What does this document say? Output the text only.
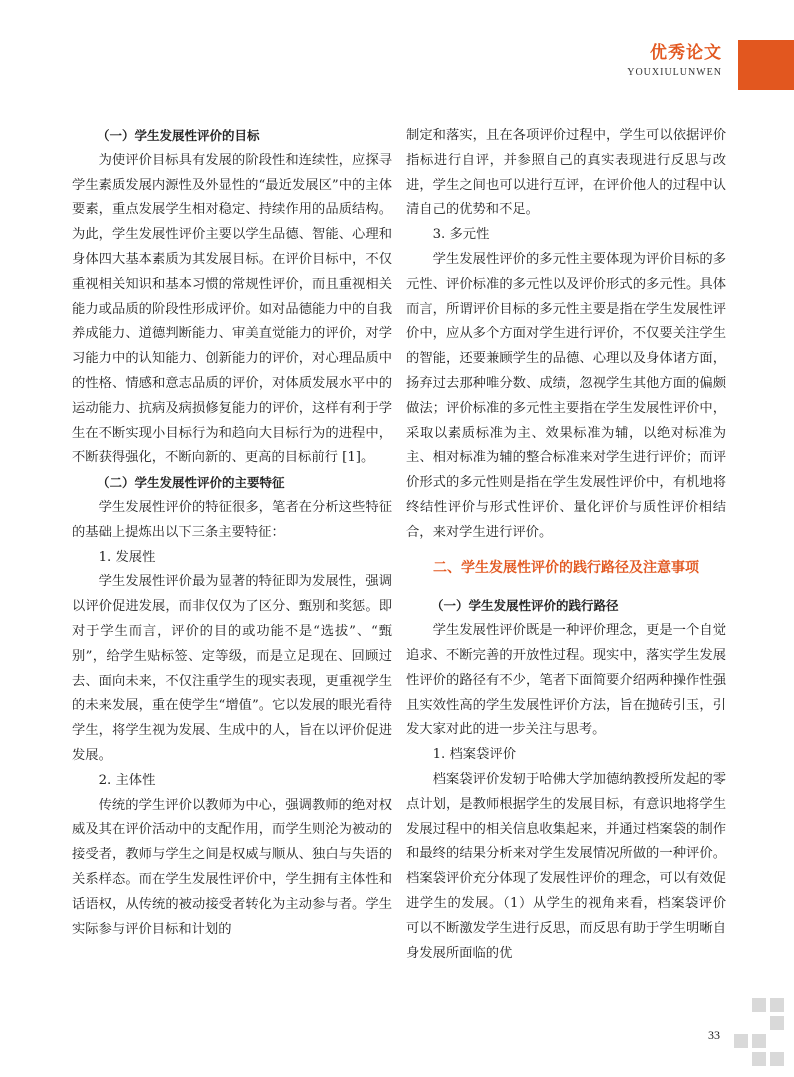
优秀论文
YOUXIULUNWEN

（一）学生发展性评价的目标

为使评价目标具有发展的阶段性和连续性，应探寻学生素质发展内源性及外显性的“最近发展区”中的主体要素，重点发展学生相对稳定、持续作用的品质结构。为此，学生发展性评价主要以学生品德、智能、心理和身体四大基本素质为其发展目标。在评价目标中，不仅重视相关知识和基本习惯的常规性评价，而且重视相关能力或品质的阶段性形成评价。如对品德能力中的自我养成能力、道德判断能力、审美直觉能力的评价，对学习能力中的认知能力、创新能力的评价，对心理品质中的性格、情感和意志品质的评价，对体质发展水平中的运动能力、抗病及病损修复能力的评价，这样有利于学生在不断实现小目标行为和趋向大目标行为的进程中，不断获得强化，不断向新的、更高的目标前行 [1]。

（二）学生发展性评价的主要特征

学生发展性评价的特征很多，笔者在分析这些特征的基础上提炼出以下三条主要特征：

1. 发展性

学生发展性评价最为显著的特征即为发展性，强调以评价促进发展，而非仅仅为了区分、甄别和奖惩。即对于学生而言，评价的目的或功能不是“选拔”、“甄别”，给学生贴标签、定等级，而是立足现在、回顾过去、面向未来，不仅注重学生的现实表现，更重视学生的未来发展，重在使学生“增值”。它以发展的眼光看待学生，将学生视为发展、生成中的人，旨在以评价促进发展。

2. 主体性

传统的学生评价以教师为中心，强调教师的绝对权威及其在评价活动中的支配作用，而学生则沦为被动的接受者，教师与学生之间是权威与顺从、独白与失语的关系样态。而在学生发展性评价中，学生拥有主体性和话语权，从传统的被动接受者转化为主动参与者。学生实际参与评价目标和计划的

制定和落实，且在各项评价过程中，学生可以依据评价指标进行自评，并参照自己的真实表现进行反思与改进，学生之间也可以进行互评，在评价他人的过程中认清自己的优势和不足。

3. 多元性

学生发展性评价的多元性主要体现为评价目标的多元性、评价标准的多元性以及评价形式的多元性。具体而言，所谓评价目标的多元性主要是指在学生发展性评价中，应从多个方面对学生进行评价，不仅要关注学生的智能，还要兼顾学生的品德、心理以及身体诸方面，扬弃过去那种唯分数、成绩，忽视学生其他方面的偏颇做法；评价标准的多元性主要指在学生发展性评价中，采取以素质标准为主、效果标准为辅，以绝对标准为主、相对标准为辅的整合标准来对学生进行评价；而评价形式的多元性则是指在学生发展性评价中，有机地将终结性评价与形式性评价、量化评价与质性评价相结合，来对学生进行评价。

二、学生发展性评价的践行路径及注意事项

（一）学生发展性评价的践行路径

学生发展性评价既是一种评价理念，更是一个自觉追求、不断完善的开放性过程。现实中，落实学生发展性评价的路径有不少，笔者下面简要介绍两种操作性强且实效性高的学生发展性评价方法，旨在抛砖引玉，引发大家对此的进一步关注与思考。

1. 档案袋评价

档案袋评价发轫于哈佛大学加德纳教授所发起的零点计划，是教师根据学生的发展目标，有意识地将学生发展过程中的相关信息收集起来，并通过档案袋的制作和最终的结果分析来对学生发展情况所做的一种评价。档案袋评价充分体现了发展性评价的理念，可以有效促进学生的发展。（1）从学生的视角来看，档案袋评价可以不断激发学生进行反思，而反思有助于学生明晰自身发展所面临的优

33
